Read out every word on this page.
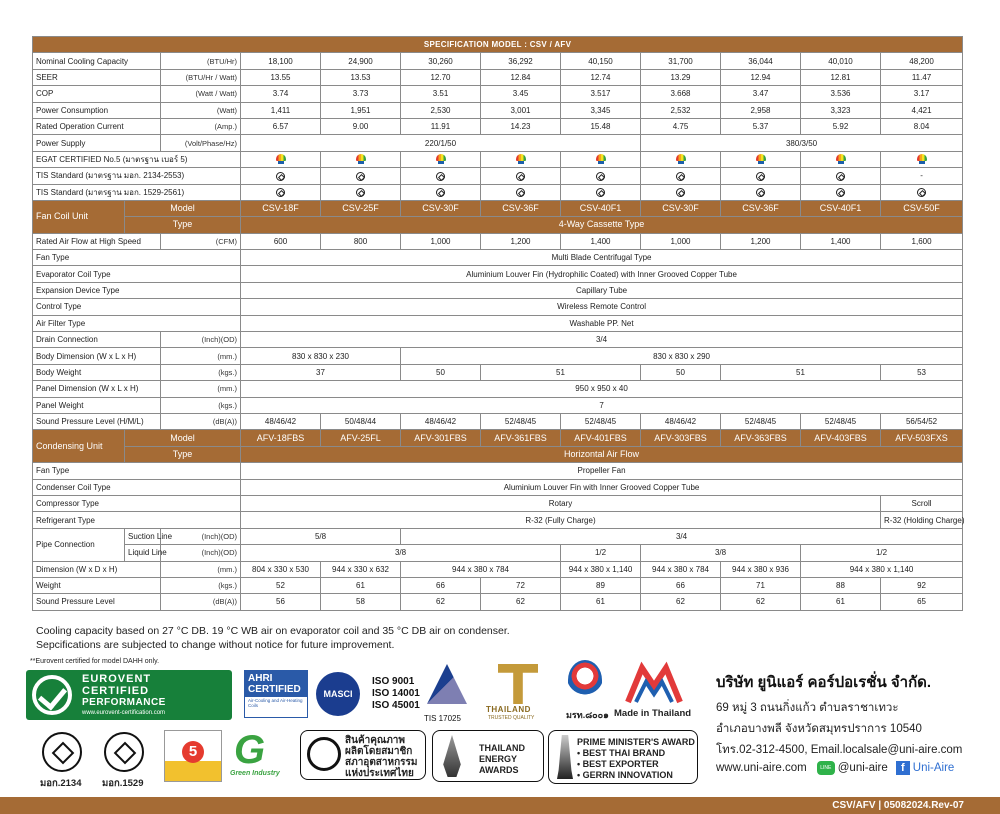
SPECIFICATION MODEL : CSV / AFV											
Nominal Cooling Capacity		(BTU/Hr)	18,100	24,900	30,260	36,292	40,150	31,700	36,044	40,010	48,200
SEER		(BTU/Hr / Watt)	13.55	13.53	12.70	12.84	12.74	13.29	12.94	12.81	11.47
COP		(Watt / Watt)	3.74	3.73	3.51	3.45	3.517	3.668	3.47	3.536	3.17
Power Consumption		(Watt)	1,411	1,951	2,530	3,001	3,345	2,532	2,958	3,323	4,421
Rated Operation Current		(Amp.)	6.57	9.00	11.91	14.23	15.48	4.75	5.37	5.92	8.04
Power Supply		(Volt/Phase/Hz)	220/1/50					380/3/50			
EGAT CERTIFIED No.5 (มาตรฐาน เบอร์ 5)											
TIS Standard (มาตรฐาน มอก. 2134-2553)											-
TIS Standard (มาตรฐาน มอก. 1529-2561)											
Fan Coil Unit	Model		CSV-18F	CSV-25F	CSV-30F	CSV-36F	CSV-40F1	CSV-30F	CSV-36F	CSV-40F1	CSV-50F
	Type		4-Way Cassette Type								
Rated Air Flow at High Speed		(CFM)	600	800	1,000	1,200	1,400	1,000	1,200	1,400	1,600
Fan Type			Multi Blade Centrifugal Type								
Evaporator Coil Type			Aluminium Louver Fin (Hydrophilic Coated) with Inner Grooved Copper Tube								
Expansion Device Type			Capillary Tube								
Control Type			Wireless Remote Control								
Air Filter Type			Washable PP. Net								
Drain Connection		(Inch)(OD)	3/4								
Body Dimension (W x L x H)		(mm.)	830 x 830 x 230		830 x 830 x 290						
Body Weight		(kgs.)	37		50	51		50	51		53
Panel Dimension (W x L x H)		(mm.)	950 x 950 x 40								
Panel Weight		(kgs.)	7								
Sound Pressure Level (H/M/L)		(dB(A))	48/46/42	50/48/44	48/46/42	52/48/45	52/48/45	48/46/42	52/48/45	52/48/45	56/54/52
Condensing Unit	Model		AFV-18FBS	AFV-25FL	AFV-301FBS	AFV-361FBS	AFV-401FBS	AFV-303FBS	AFV-363FBS	AFV-403FBS	AFV-503FXS
	Type		Horizontal Air Flow								
Fan Type			Propeller Fan								
Condenser Coil Type			Aluminium Louver Fin with Inner Grooved Copper Tube								
Compressor Type			Rotary								Scroll
Refrigerant Type			R-32 (Fully Charge)								R-32 (Holding Charge)
Pipe Connection	Suction Line	(Inch)(OD)	5/8		3/4						
	Liquid Line	(Inch)(OD)	3/8				1/2	3/8		1/2	
Dimension (W x D x H)		(mm.)	804 x 330 x 530	944 x 330 x 632	944 x 380 x 784		944 x 380 x 1,140	944 x 380 x 784	944 x 380 x 936	944 x 380 x 1,140	
Weight		(kgs.)	52	61	66	72	89	66	71	88	92
Sound Pressure Level		(dB(A))	56	58	62	62	61	62	62	61	65
Cooling capacity based on 27 °C DB. 19 °C WB air on evaporator coil and 35 °C DB air on condenser.
Sepcifications are subjected to change without notice for future improvement.
**Eurovent certified for model DAHH only.
EUROVENT
CERTIFIED
PERFORMANCE
www.eurovent-certification.com
AHRI CERTIFIED
Air-Cooling and Air-Heating Coils
MASCI
ISO 9001
ISO 14001
ISO 45001
TIS 17025
THAILAND
TRUSTED QUALITY	มรท.๘๐๐๑ Made in Thailand
มอก.2134 มอก.1529
5 G
Green Industry
สินค้าคุณภาพ
ผลิตโดยสมาชิก
สภาอุตสาหกรรม
แห่งประเทศไทย
THAILAND
ENERGY
AWARDS
PRIME MINISTER'S AWARD
• BEST THAI BRAND
• BEST EXPORTER
• GERRN INNOVATION
บริษัท ยูนิแอร์ คอร์ปอเรชั่น จำกัด.
69 หมู่ 3 ถนนกิ่งแก้ว ตำบลราชาเทวะ
อำเภอบางพลี จังหวัดสมุทรปราการ 10540
โทร.02-312-4500, Email.localsale@uni-aire.com
www.uni-aire.com	LINE @uni-aire	f Uni-Aire
CSV/AFV | 05082024.Rev-07
